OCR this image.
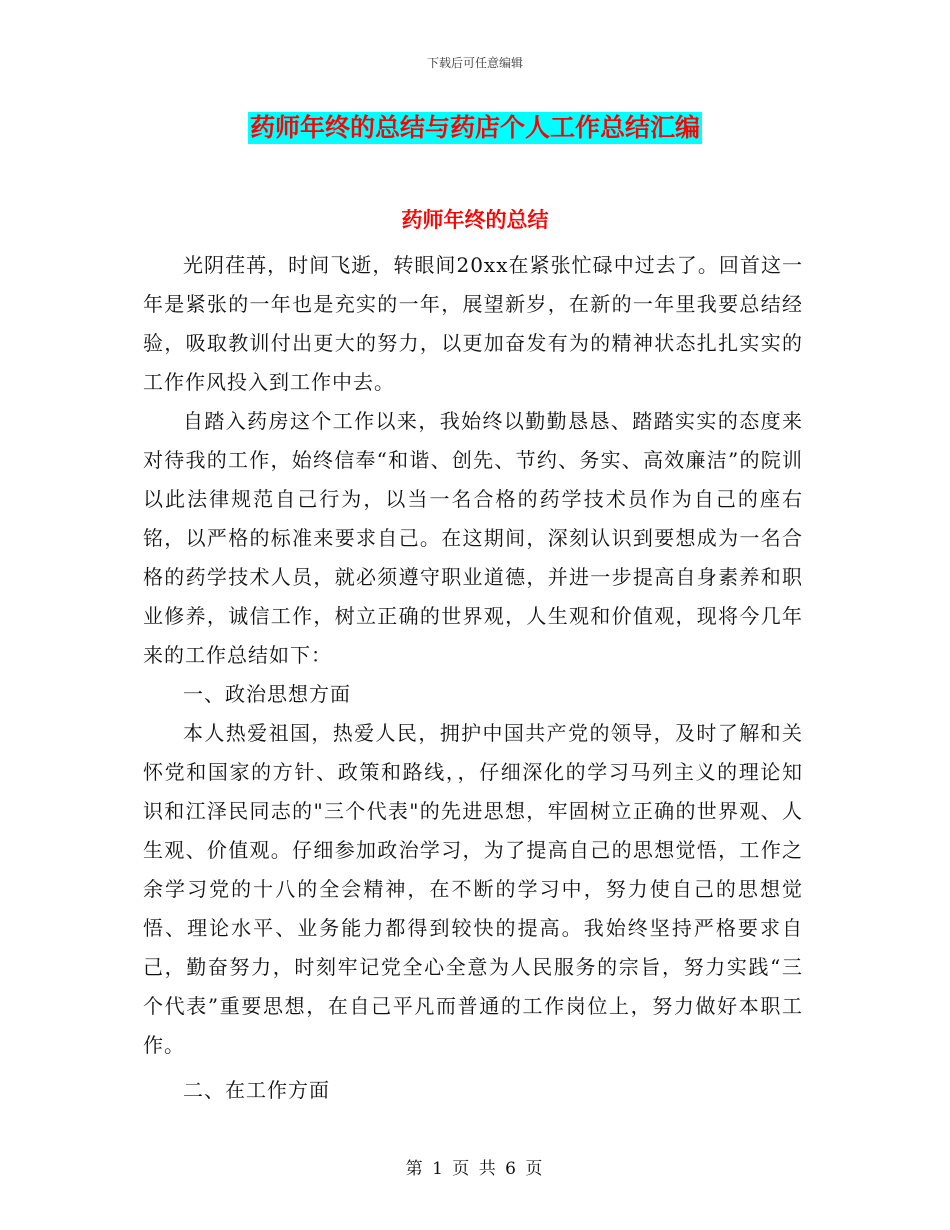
下载后可任意编辑
药师年终的总结与药店个人工作总结汇编
药师年终的总结

光阴荏苒，时间飞逝，转眼间20xx在紧张忙碌中过去了。回首这一年是紧张的一年也是充实的一年，展望新岁，在新的一年里我要总结经验，吸取教训付出更大的努力，以更加奋发有为的精神状态扎扎实实的工作作风投入到工作中去。

自踏入药房这个工作以来，我始终以勤勤恳恳、踏踏实实的态度来对待我的工作，始终信奉“和谐、创先、节约、务实、高效廉洁”的院训以此法律规范自己行为，以当一名合格的药学技术员作为自己的座右铭，以严格的标准来要求自己。在这期间，深刻认识到要想成为一名合格的药学技术人员，就必须遵守职业道德，并进一步提高自身素养和职业修养，诚信工作，树立正确的世界观，人生观和价值观，现将今几年来的工作总结如下：

一、政治思想方面

本人热爱祖国，热爱人民，拥护中国共产党的领导，及时了解和关怀党和国家的方针、政策和路线，，仔细深化的学习马列主义的理论知识和江泽民同志的"三个代表"的先进思想，牢固树立正确的世界观、人生观、价值观。仔细参加政治学习，为了提高自己的思想觉悟，工作之余学习党的十八的全会精神，在不断的学习中，努力使自己的思想觉悟、理论水平、业务能力都得到较快的提高。我始终坚持严格要求自己，勤奋努力，时刻牢记党全心全意为人民服务的宗旨，努力实践“三个代表”重要思想，在自己平凡而普通的工作岗位上，努力做好本职工作。

二、在工作方面

第 1 页 共 6 页
